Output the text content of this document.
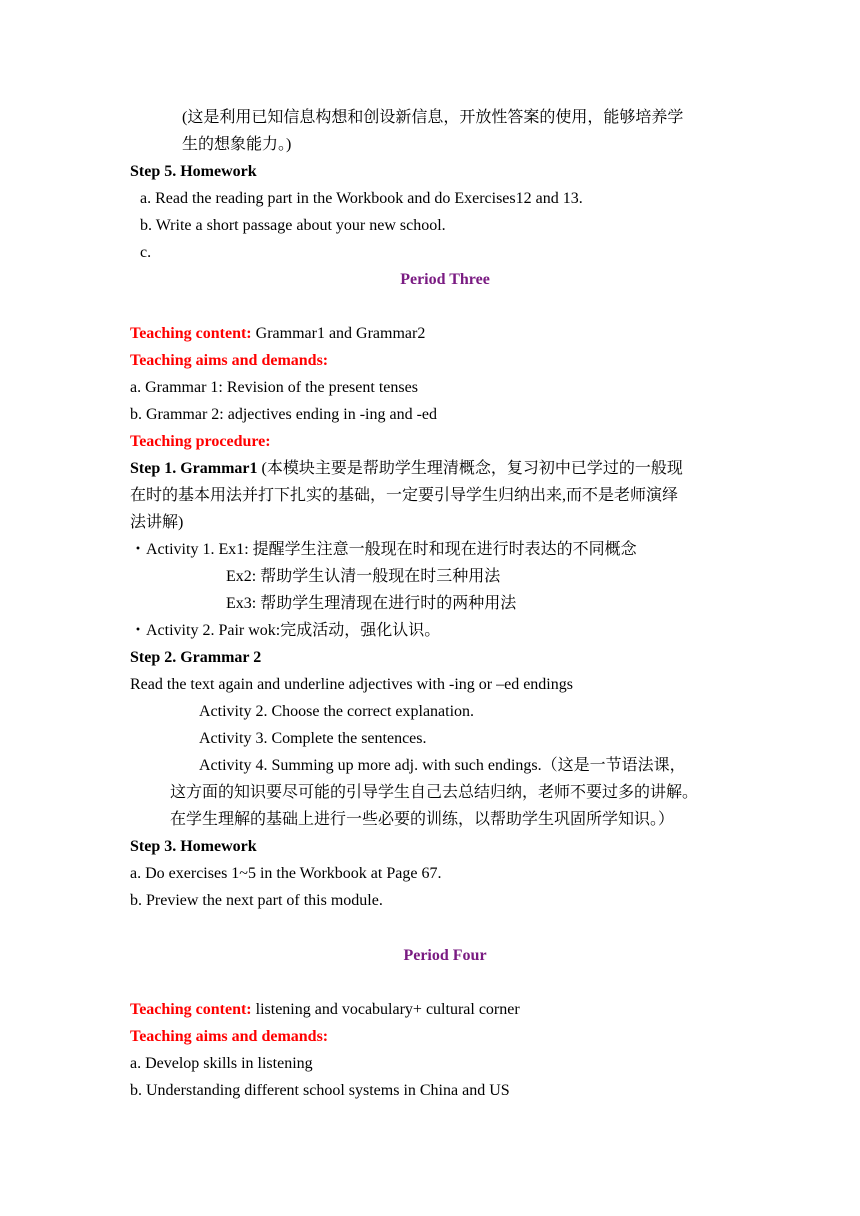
(这是利用已知信息构想和创设新信息，开放性答案的使用，能够培养学
生的想象能力。)
Step 5. Homework
a. Read the reading part in the Workbook and do Exercises12 and 13.
b. Write a short passage about your new school.
c.
Period Three
Teaching content: Grammar1 and Grammar2
Teaching aims and demands:
a. Grammar 1: Revision of the present tenses
b. Grammar 2: adjectives ending in -ing and -ed
Teaching procedure:
Step 1. Grammar1 (本模块主要是帮助学生理清概念，复习初中已学过的一般现
在时的基本用法并打下扎实的基础，一定要引导学生归纳出来,而不是老师演绎
法讲解)
・Activity 1. Ex1: 提醒学生注意一般现在时和现在进行时表达的不同概念
Ex2: 帮助学生认清一般现在时三种用法
Ex3: 帮助学生理清现在进行时的两种用法
・Activity 2. Pair wok:完成活动，强化认识。
Step 2. Grammar 2
Read the text again and underline adjectives with -ing or –ed endings
Activity 2. Choose the correct explanation.
Activity 3. Complete the sentences.
Activity 4. Summing up more adj. with such endings.（这是一节语法课，
这方面的知识要尽可能的引导学生自己去总结归纳，老师不要过多的讲解。
在学生理解的基础上进行一些必要的训练，以帮助学生巩固所学知识。）
Step 3. Homework
a. Do exercises 1~5 in the Workbook at Page 67.
b. Preview the next part of this module.
Period Four
Teaching content: listening and vocabulary+ cultural corner
Teaching aims and demands:
a. Develop skills in listening
b. Understanding different school systems in China and US
